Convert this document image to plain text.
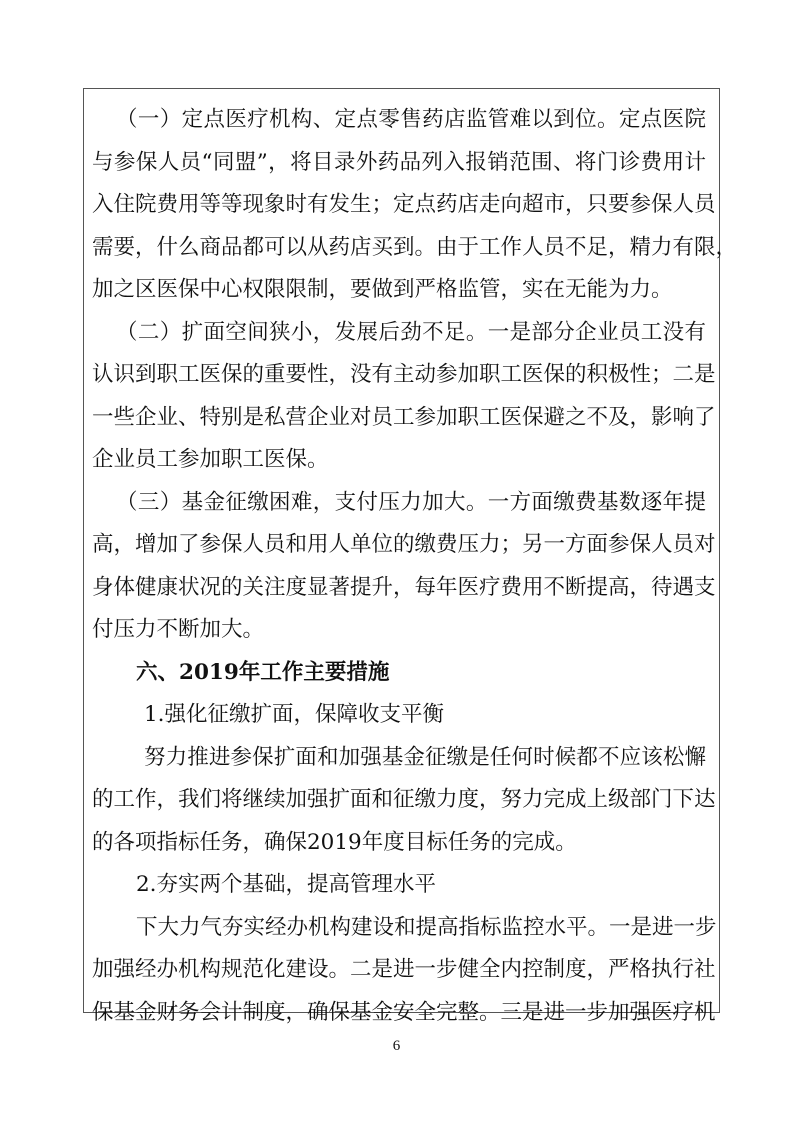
（一）定点医疗机构、定点零售药店监管难以到位。定点医院
与参保人员“同盟”，将目录外药品列入报销范围、将门诊费用计
入住院费用等等现象时有发生；定点药店走向超市，只要参保人员
需要，什么商品都可以从药店买到。由于工作人员不足，精力有限，
加之区医保中心权限限制，要做到严格监管，实在无能为力。
（二）扩面空间狭小，发展后劲不足。一是部分企业员工没有
认识到职工医保的重要性，没有主动参加职工医保的积极性；二是
一些企业、特别是私营企业对员工参加职工医保避之不及，影响了
企业员工参加职工医保。
（三）基金征缴困难，支付压力加大。一方面缴费基数逐年提
高，增加了参保人员和用人单位的缴费压力；另一方面参保人员对
身体健康状况的关注度显著提升，每年医疗费用不断提高，待遇支
付压力不断加大。
六、2019年工作主要措施
1.强化征缴扩面，保障收支平衡
努力推进参保扩面和加强基金征缴是任何时候都不应该松懈
的工作，我们将继续加强扩面和征缴力度，努力完成上级部门下达
的各项指标任务，确保2019年度目标任务的完成。
2.夯实两个基础，提高管理水平
下大力气夯实经办机构建设和提高指标监控水平。一是进一步
加强经办机构规范化建设。二是进一步健全内控制度，严格执行社
保基金财务会计制度，确保基金安全完整。三是进一步加强医疗机
6
